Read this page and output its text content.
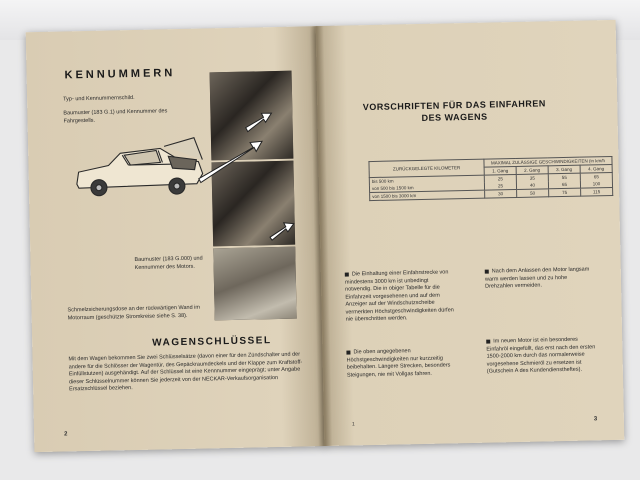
KENNUMMERN
Typ- und Kennummernschild.
Baumuster (183 G.1) und Kennummer des Fahrgestells.
Baumuster (183 G.000) und Kennummer des Motors.
Schmelzsicherungsdose an der rückwärtigen Wand im Motorraum (geschützte Stromkreise siehe S. 38).
WAGENSCHLÜSSEL
Mit dem Wagen bekommen Sie zwei Schlüsselsätze (davon einer für den Zündschalter und der andere für die Schlösser der Wagentür, des Gepäckraumdeckels und der Klappe zum Kraftstoff-Einfüllstutzen) ausgehändigt. Auf der Schlüssel ist eine Kennnummer eingeprägt; unter Angabe dieser Schlüsselnummer können Sie jederzeit von der NECKAR-Verkaufsorganisation Ersatzschlüssel beziehen.
2
VORSCHRIFTEN FÜR DAS EINFAHREN
DES WAGENS
ZURÜCKGELEGTE KILOMETER	MAXIMAL ZULÄSSIGE GESCHWINDIGKEITEN (in km/h			
	1. Gang	2. Gang	3. Gang	4. Gang
bis 500 km	25	35	55	65
von 500 bis 1500 km	25	40	65	100
von 1500 bis 3000 km	30	50	75	115
Die Einhaltung einer Einfahrstrecke von mindestens 3000 km ist unbedingt notwendig. Die in obiger Tabelle für die Einfahrzeit vorgesehenen und auf dem Anzeiger auf der Windschutzscheibe vermerkten Höchstgeschwindigkeiten dürfen nie überschritten werden.
Nach dem Anlassen den Motor langsam warm werden lassen und zu hohe Drehzahlen vermeiden.
Die oben angegebenen Höchstgeschwindigkeiten nur kurzzeitig beibehalten. Längere Strecken, besonders Steigungen, nie mit Vollgas fahren.
Im neuen Motor ist ein besonderes Einfahröl eingefüllt, das erst nach den ersten 1500-2000 km durch das normalerweise vorgesehene Schmieröl zu ersetzen ist (Gutschein A des Kundendienstheftes).
1
3
